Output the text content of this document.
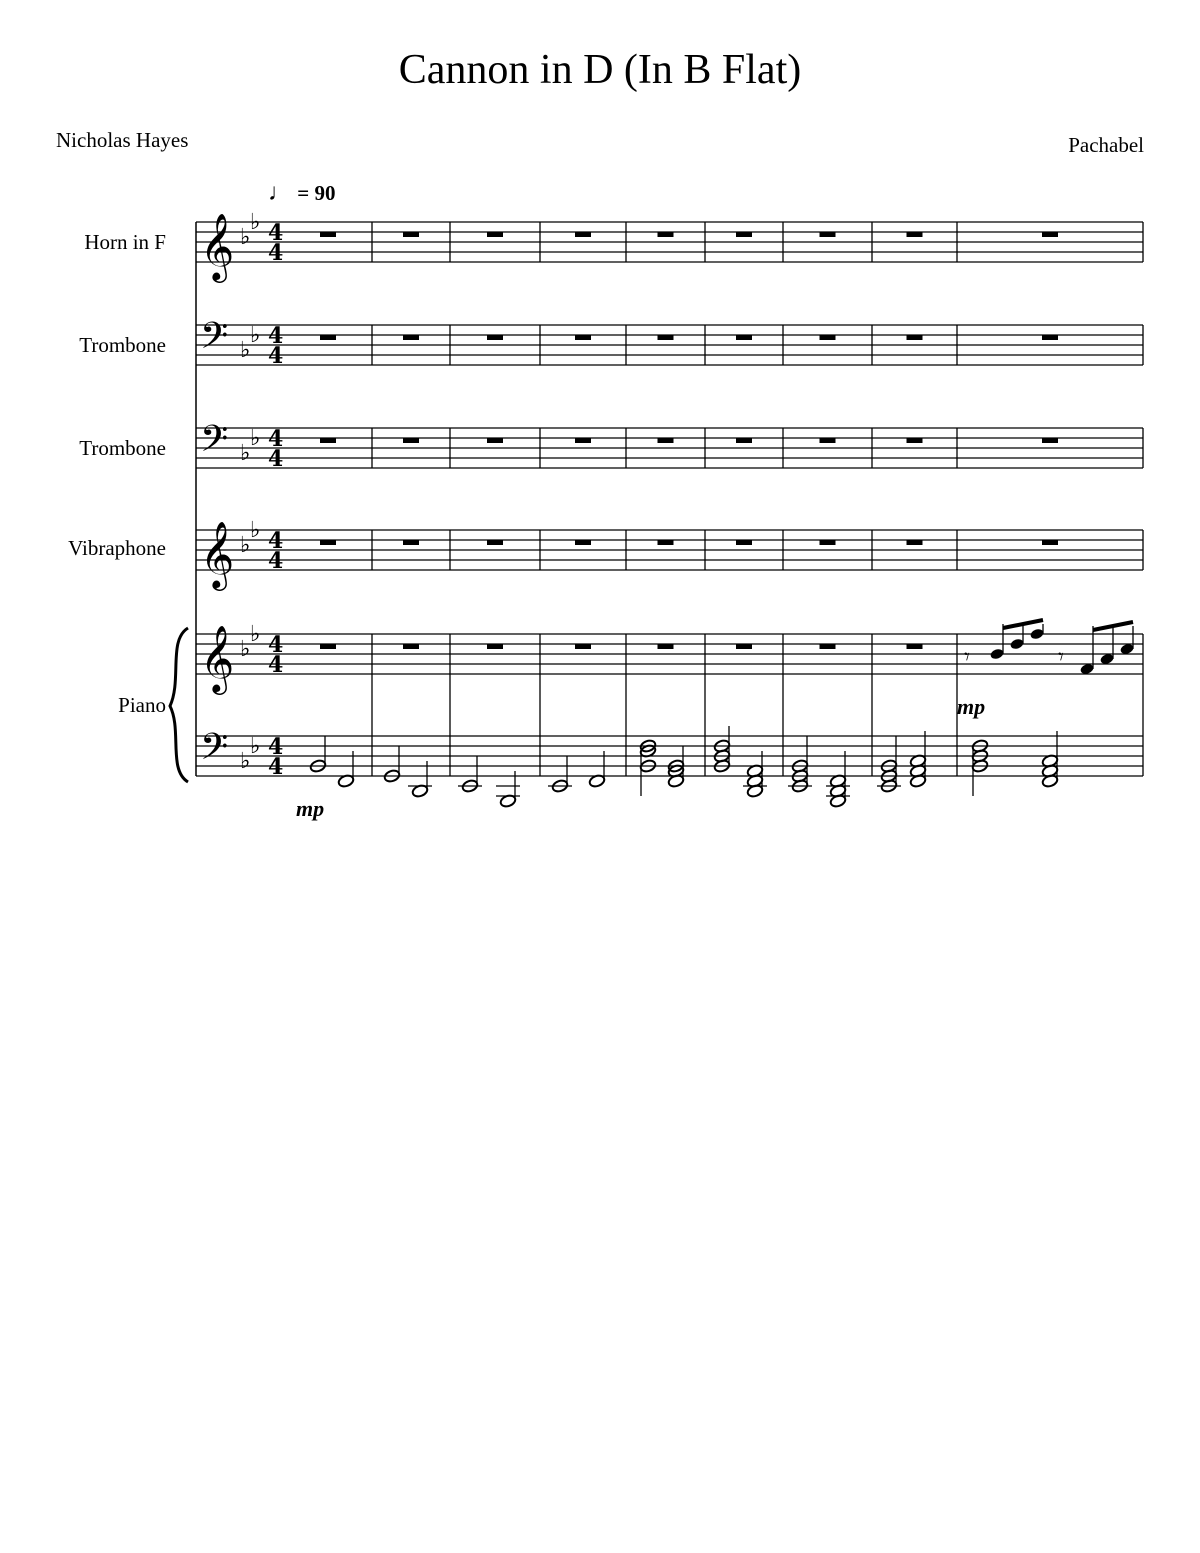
Cannon in D (In B Flat)
Nicholas Hayes	Pachabel
♩ = 90
Horn in F
Trombone
Trombone
Vibraphone
Piano
mp
mp
𝄞 ♭
♭ 4
4
𝄢 ♭
♭ 4
4
𝄢 ♭
♭ 4
4
𝄞 ♭
♭ 4
4
𝄞 ♭
♭ 4
4
𝄢 ♭
♭ 4
4
𝄾	𝄾
